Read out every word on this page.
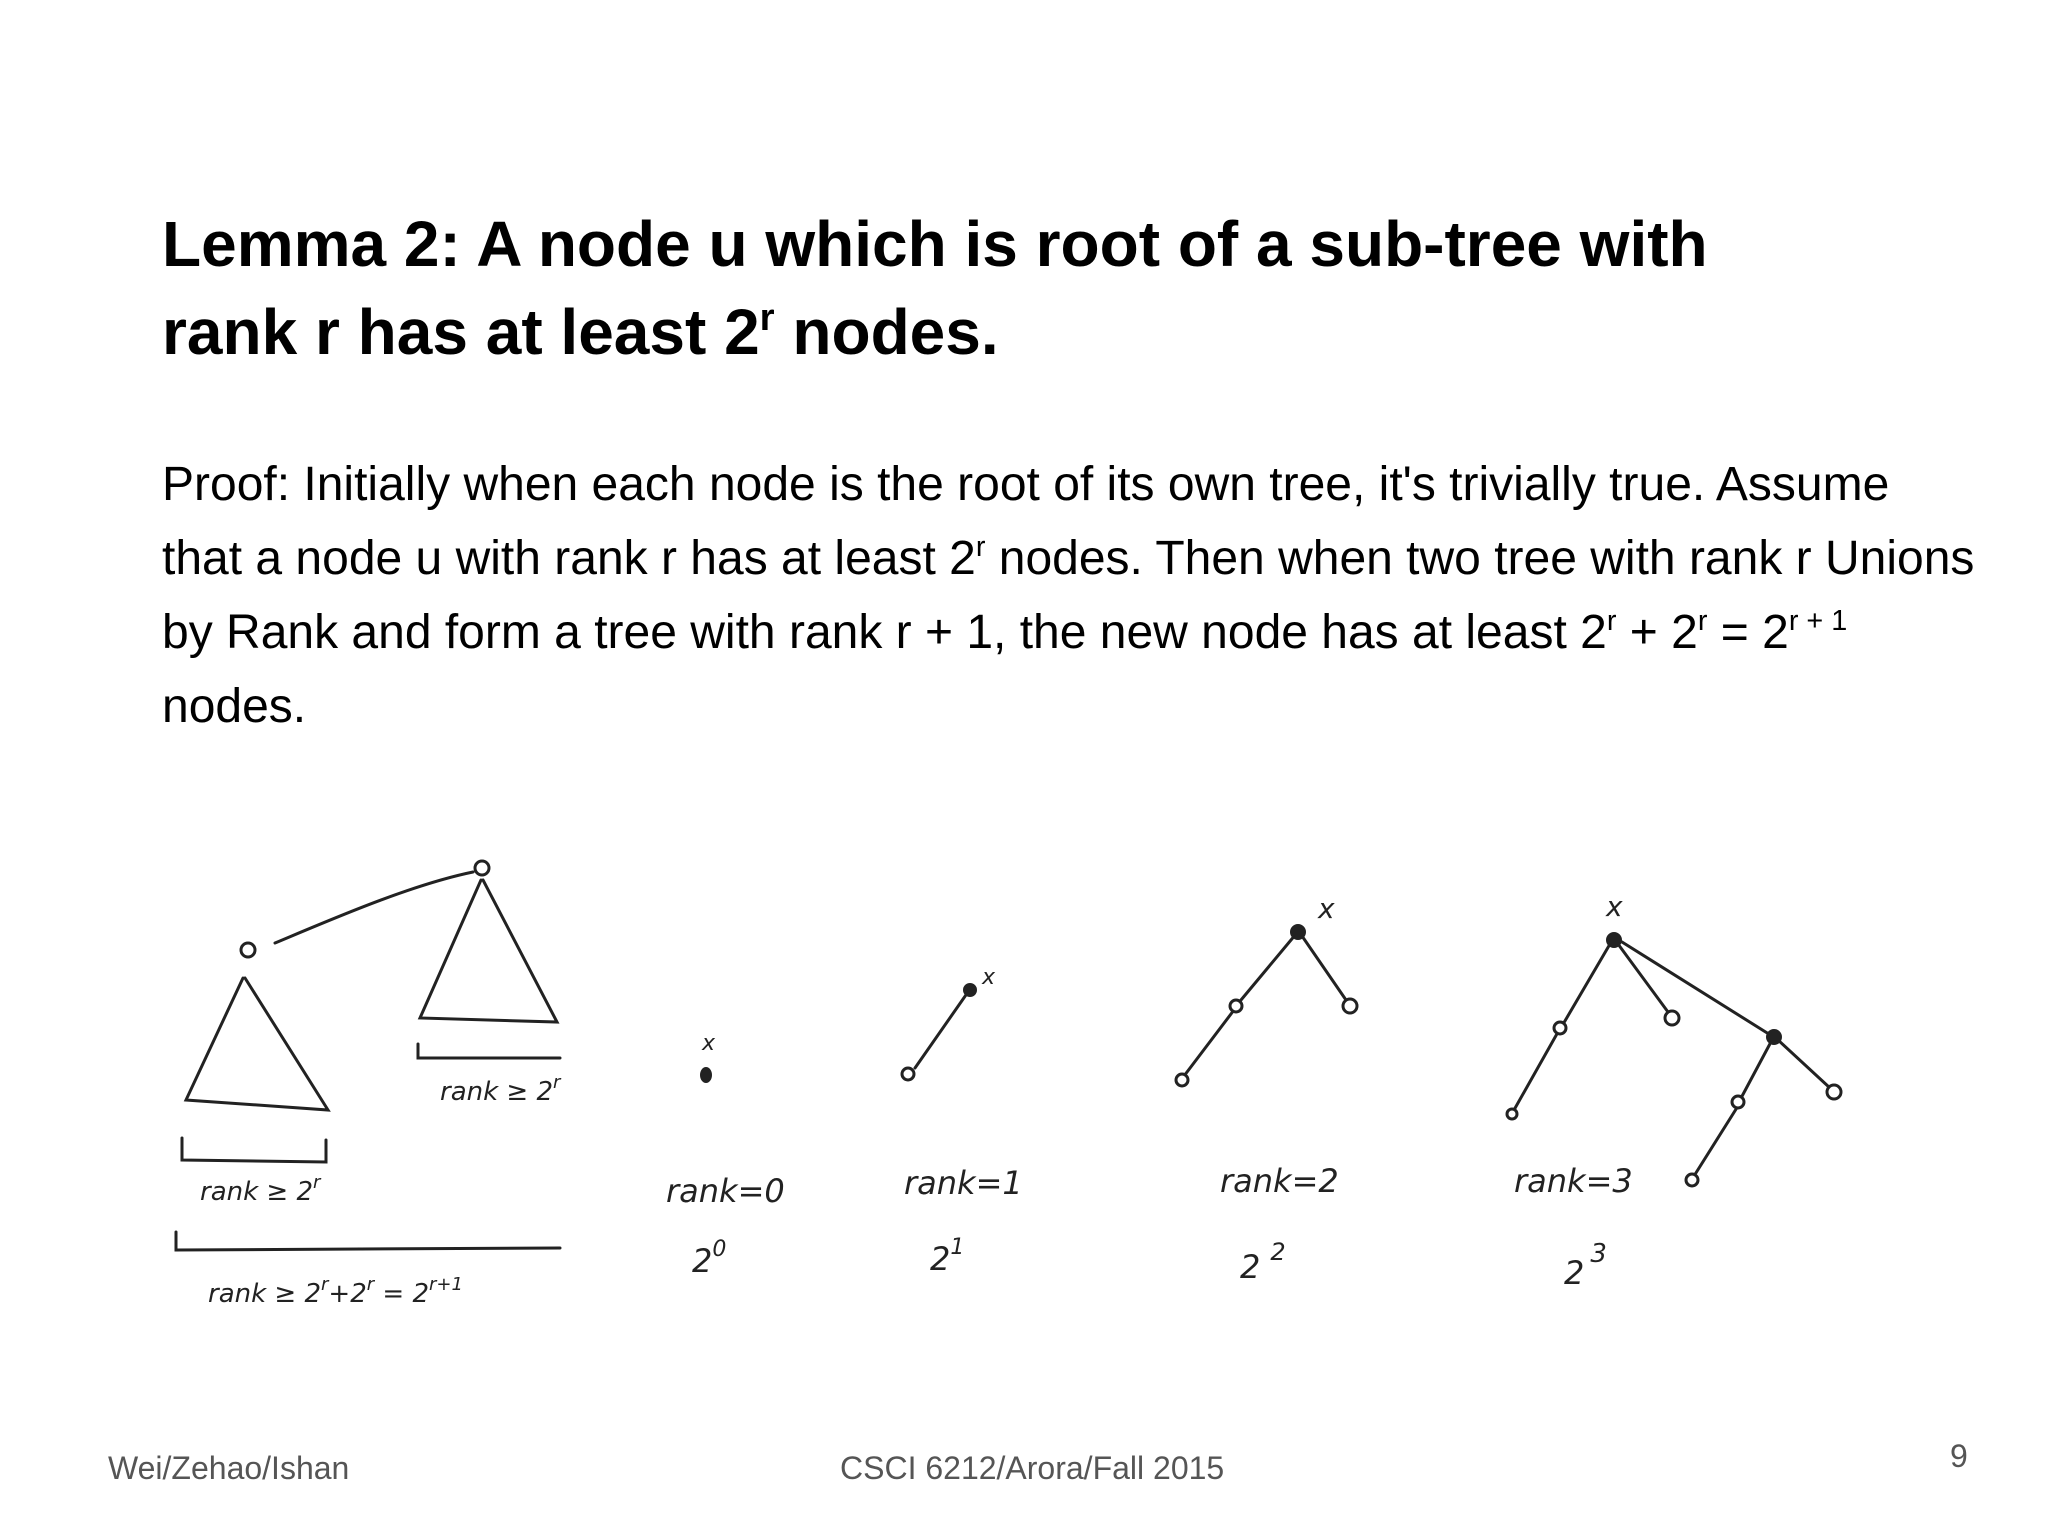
Lemma 2: A node u which is root of a sub-tree with
rank r has at least 2$^r$ nodes.

Proof: Initially when each node is the root of its own tree, it's trivially true. Assume that a node u with rank r has at least 2$^r$ nodes. Then when two tree with rank r Unions by Rank and form a tree with rank r + 1, the new node has at least $2^r + 2^r = 2^{r + 1}$ nodes.

rank ≥ $2^r$
rank ≥ $2^r$
rank ≥ $2^r+2^r = 2^{r+1}$
x
rank=0
$2^0$
x
rank=1
$2^1$
x
rank=2
2 $^2$
x
rank=3
2 $^3$
Wei/Zehao/Ishan	CSCI 6212/Arora/Fall 2015	9
